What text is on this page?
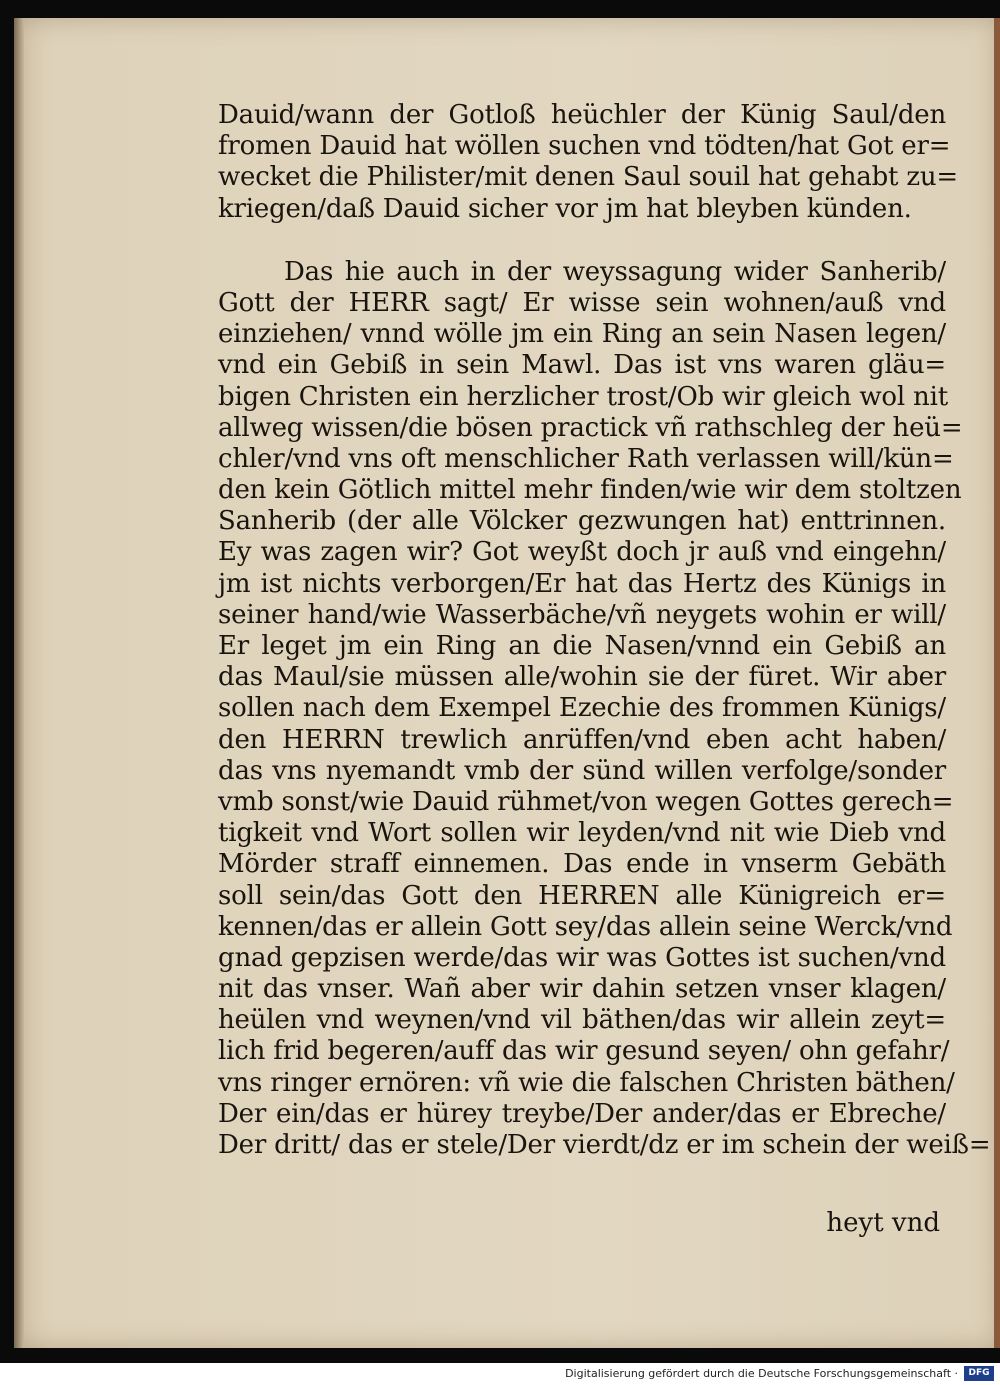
Dauid/wann der Gotloß heüchler der Künig Saul/den
fromen Dauid hat wöllen suchen vnd tödten/hat Got er=
wecket die Philister/mit denen Saul souil hat gehabt zu=
kriegen/daß Dauid sicher vor jm hat bleyben künden.
Das hie auch in der weyssagung wider Sanherib/
Gott der HERR sagt/ Er wisse sein wohnen/auß vnd
einziehen/ vnnd wölle jm ein Ring an sein Nasen legen/
vnd ein Gebiß in sein Mawl. Das ist vns waren gläu=
bigen Christen ein herzlicher trost/Ob wir gleich wol nit
allweg wissen/die bösen practick vñ rathschleg der heü=
chler/vnd vns oft menschlicher Rath verlassen will/kün=
den kein Götlich mittel mehr finden/wie wir dem stoltzen
Sanherib (der alle Völcker gezwungen hat) enttrinnen.
Ey was zagen wir? Got weyßt doch jr auß vnd eingehn/
jm ist nichts verborgen/Er hat das Hertz des Künigs in
seiner hand/wie Wasserbäche/vñ neygets wohin er will/
Er leget jm ein Ring an die Nasen/vnnd ein Gebiß an
das Maul/sie müssen alle/wohin sie der füret. Wir aber
sollen nach dem Exempel Ezechie des frommen Künigs/
den HERRN trewlich anrüffen/vnd eben acht haben/
das vns nyemandt vmb der sünd willen verfolge/sonder
vmb sonst/wie Dauid rühmet/von wegen Gottes gerech=
tigkeit vnd Wort sollen wir leyden/vnd nit wie Dieb vnd
Mörder straff einnemen. Das ende in vnserm Gebäth
soll sein/das Gott den HERREN alle Künigreich er=
kennen/das er allein Gott sey/das allein seine Werck/vnd
gnad gepzisen werde/das wir was Gottes ist suchen/vnd
nit das vnser. Wañ aber wir dahin setzen vnser klagen/
heülen vnd weynen/vnd vil bäthen/das wir allein zeyt=
lich frid begeren/auff das wir gesund seyen/ ohn gefahr/
vns ringer ernören: vñ wie die falschen Christen bäthen/
Der ein/das er hürey treybe/Der ander/das er Ebreche/
Der dritt/ das er stele/Der vierdt/dz er im schein der weiß=
heyt vnd
Digitalisierung gefördert durch die Deutsche Forschungsgemeinschaft ·	DFG
